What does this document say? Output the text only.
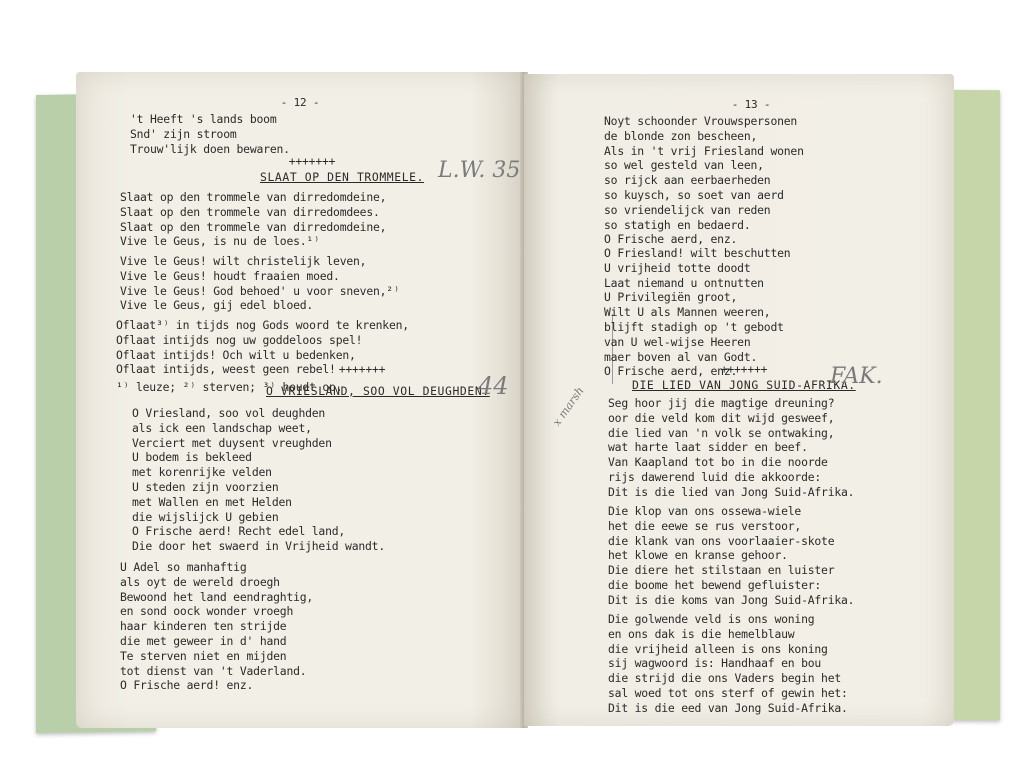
- 12 -
't Heeft 's lands boom
Snd' zijn stroom
Trouw'lijk doen bewaren.
+++++++
SLAAT OP DEN TROMMELE. L.W. 35
Slaat op den trommele van dirredomdeine,
Slaat op den trommele van dirredomdees.
Slaat op den trommele van dirredomdeine,
Vive le Geus, is nu de loes.¹⁾
Vive le Geus! wilt christelijk leven,
Vive le Geus! houdt fraaien moed.
Vive le Geus! God behoed' u voor sneven,²⁾
Vive le Geus, gij edel bloed.
Oflaat³⁾ in tijds nog Gods woord te krenken,
Oflaat intijds nog uw goddeloos spel!
Oflaat intijds! Och wilt u bedenken,
Oflaat intijds, weest geen rebel!
¹⁾ leuze; ²⁾ sterven; ³⁾ houdt op.
+++++++
O VRIESLAND, SOO VOL DEUGHDEN.
44
O Vriesland, soo vol deughden
als ick een landschap weet,
Verciert met duysent vreughden
U bodem is bekleed
met korenrijke velden
U steden zijn voorzien
met Wallen en met Helden
die wijslijck U gebien
O Frische aerd! Recht edel land,
Die door het swaerd in Vrijheid wandt.
U Adel so manhaftig
als oyt de wereld droegh
Bewoond het land eendraghtig,
en sond oock wonder vroegh
haar kinderen ten strijde
die met geweer in d' hand
Te sterven niet en mijden
tot dienst van 't Vaderland.
O Frische aerd! enz.
- 13 -
Noyt schoonder Vrouwspersonen
de blonde zon bescheen,
Als in 't vrij Friesland wonen
so wel gesteld van leen,
so rijck aan eerbaerheden
so kuysch, so soet van aerd
so vriendelijck van reden
so statigh en bedaerd.
O Frische aerd, enz.
O Friesland! wilt beschutten
U vrijheid totte doodt
Laat niemand u ontnutten
U Privilegiën groot,
Wilt U als Mannen weeren,
blijft stadigh op 't gebodt
van U wel-wijse Heeren
maer boven al van Godt.
O Frische aerd, enz.
+++++++
DIE LIED VAN JONG SUID-AFRIKA.
FAK.
x marsh Seg hoor jij die magtige dreuning?
oor die veld kom dit wijd gesweef,
die lied van 'n volk se ontwaking,
wat harte laat sidder en beef.
Van Kaapland tot bo in die noorde
rijs dawerend luid die akkoorde:
Dit is die lied van Jong Suid-Afrika.
Die klop van ons ossewa-wiele
het die eewe se rus verstoor,
die klank van ons voorlaaier-skote
het klowe en kranse gehoor.
Die diere het stilstaan en luister
die boome het bewend gefluister:
Dit is die koms van Jong Suid-Afrika.
Die golwende veld is ons woning
en ons dak is die hemelblauw
die vrijheid alleen is ons koning
sij wagwoord is: Handhaaf en bou
die strijd die ons Vaders begin het
sal woed tot ons sterf of gewin het:
Dit is die eed van Jong Suid-Afrika.
